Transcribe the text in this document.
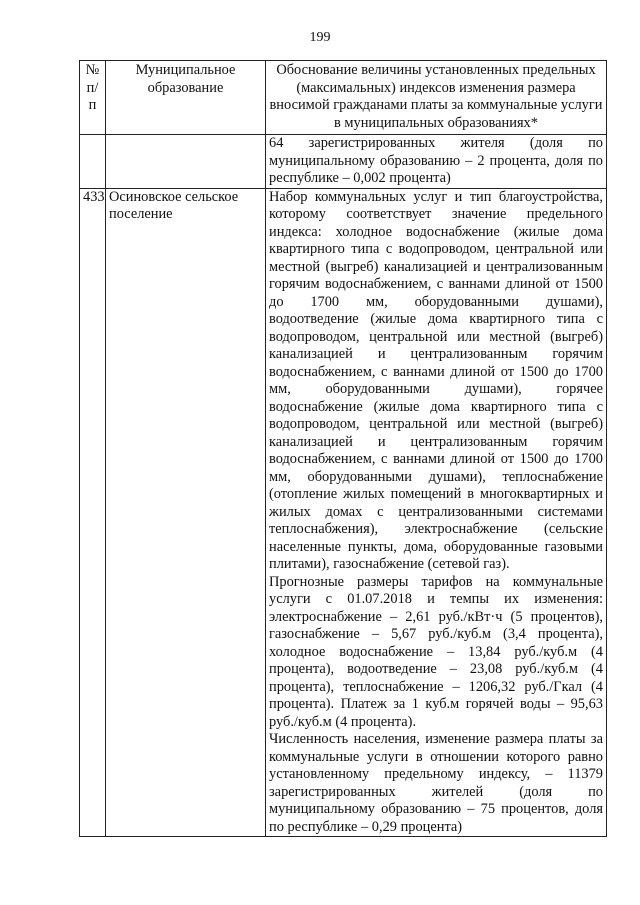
199
№ п/п	Муниципальное образование	Обоснование величины установленных предельных (максимальных) индексов изменения размера вносимой гражданами платы за коммунальные услуги в муниципальных образованиях*
		64 зарегистрированных жителя (доля по муниципальному образованию – 2 процента, доля по республике – 0,002 процента)
433	Осиновское сельское поселение	Набор коммунальных услуг и тип благоустройства, которому соответствует значение предельного индекса: холодное водоснабжение (жилые дома квартирного типа с водопроводом, центральной или местной (выгреб) канализацией и централизованным горячим водоснабжением, с ваннами длиной от 1500 до 1700 мм, оборудованными душами), водоотведение (жилые дома квартирного типа с водопроводом, центральной или местной (выгреб) канализацией и централизованным горячим водоснабжением, с ваннами длиной от 1500 до 1700 мм, оборудованными душами), горячее водоснабжение (жилые дома квартирного типа с водопроводом, центральной или местной (выгреб) канализацией и централизованным горячим водоснабжением, с ваннами длиной от 1500 до 1700 мм, оборудованными душами), теплоснабжение (отопление жилых помещений в многоквартирных и жилых домах с централизованными системами теплоснабжения), электроснабжение (сельские населенные пункты, дома, оборудованные газовыми плитами), газоснабжение (сетевой газ).

Прогнозные размеры тарифов на коммунальные услуги с 01.07.2018 и темпы их изменения: электроснабжение – 2,61 руб./кВт·ч (5 процентов), газоснабжение – 5,67 руб./куб.м (3,4 процента), холодное водоснабжение – 13,84 руб./куб.м (4 процента), водоотведение – 23,08 руб./куб.м (4 процента), теплоснабжение – 1206,32 руб./Гкал (4 процента). Платеж за 1 куб.м горячей воды – 95,63 руб./куб.м (4 процента).

Численность населения, изменение размера платы за коммунальные услуги в отношении которого равно установленному предельному индексу, – 11379 зарегистрированных жителей (доля по муниципальному образованию – 75 процентов, доля по республике – 0,29 процента)
